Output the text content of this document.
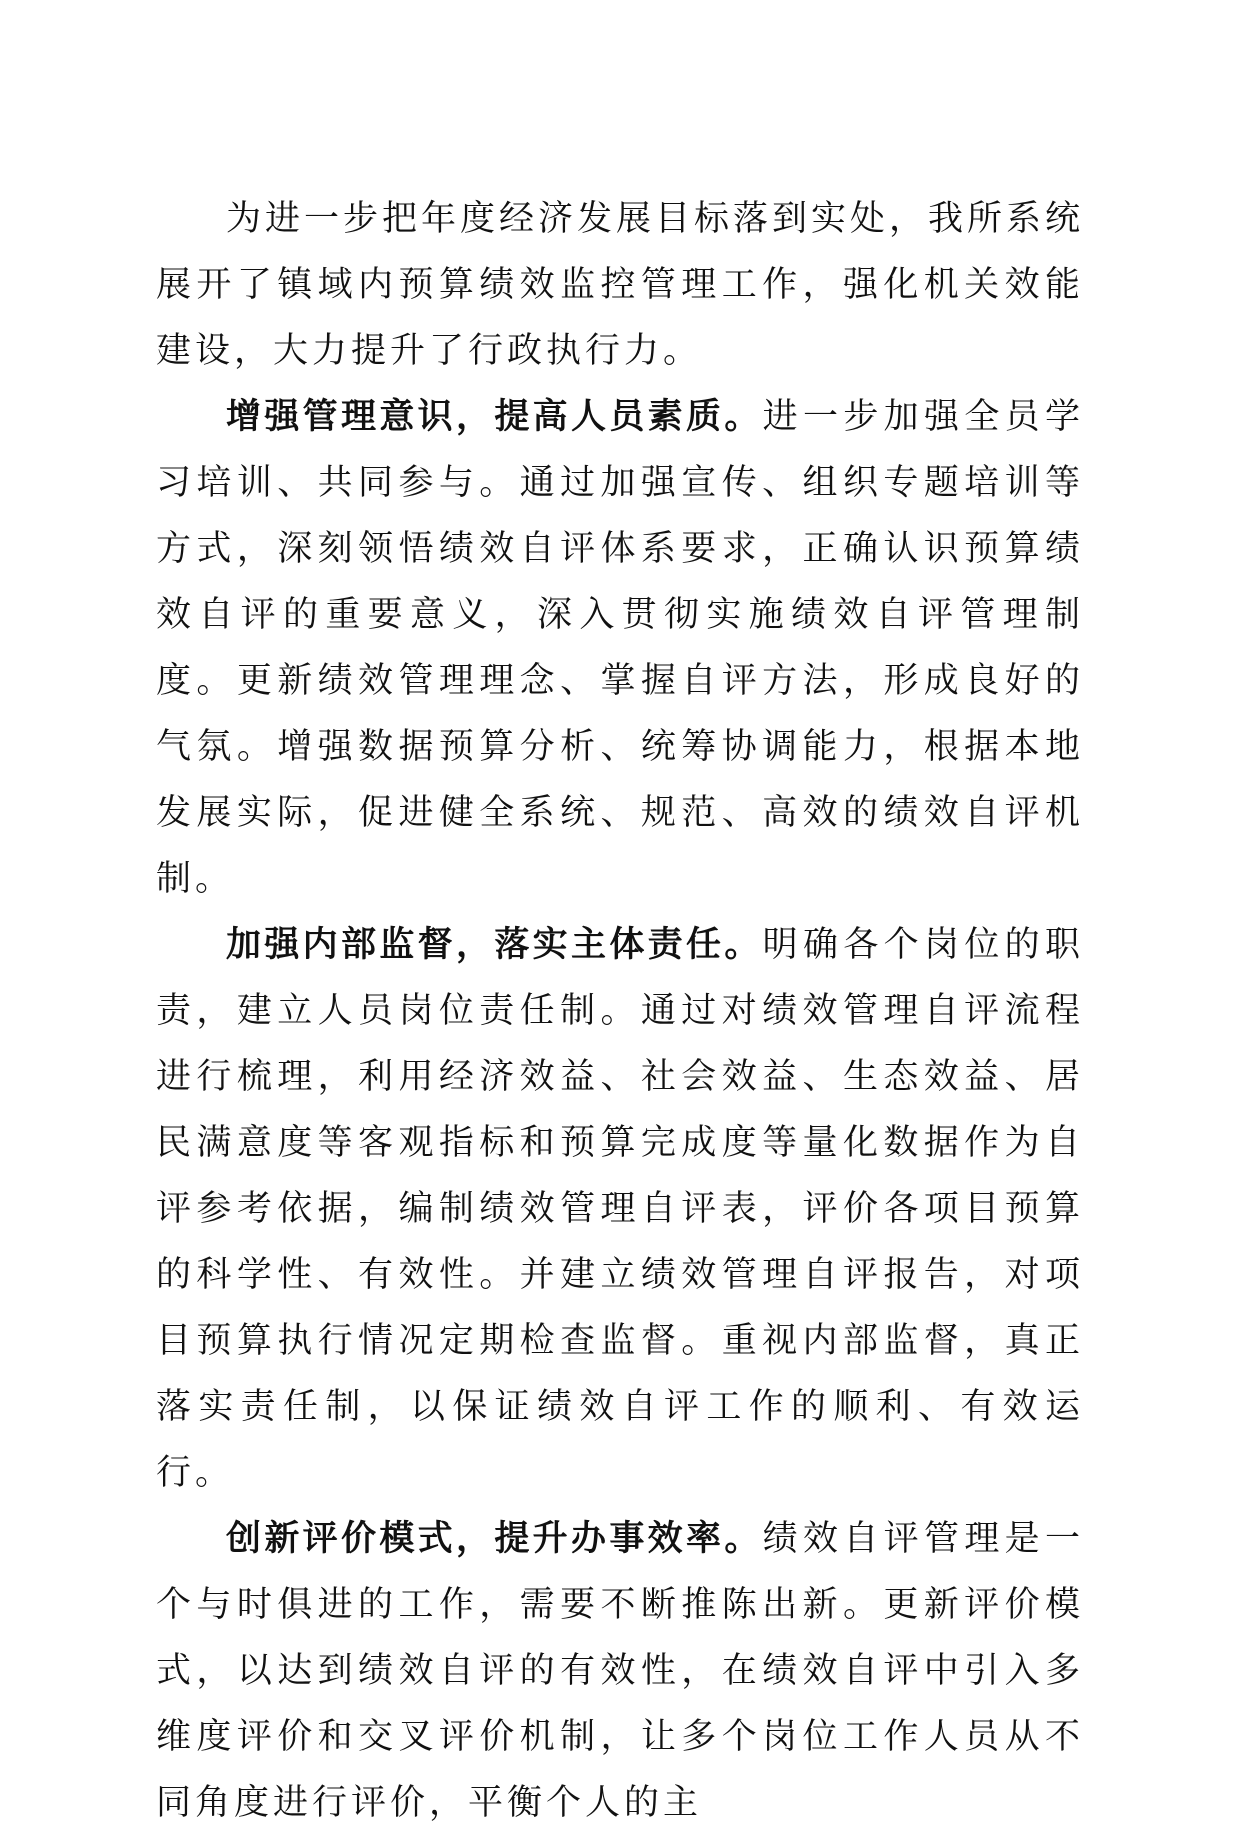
为进一步把年度经济发展目标落到实处，我所系统展开了镇域内预算绩效监控管理工作，强化机关效能建设，大力提升了行政执行力。

增强管理意识，提高人员素质。进一步加强全员学习培训、共同参与。通过加强宣传、组织专题培训等方式，深刻领悟绩效自评体系要求，正确认识预算绩效自评的重要意义，深入贯彻实施绩效自评管理制度。更新绩效管理理念、掌握自评方法，形成良好的气氛。增强数据预算分析、统筹协调能力，根据本地发展实际，促进健全系统、规范、高效的绩效自评机制。

加强内部监督，落实主体责任。明确各个岗位的职责，建立人员岗位责任制。通过对绩效管理自评流程进行梳理，利用经济效益、社会效益、生态效益、居民满意度等客观指标和预算完成度等量化数据作为自评参考依据，编制绩效管理自评表，评价各项目预算的科学性、有效性。并建立绩效管理自评报告，对项目预算执行情况定期检查监督。重视内部监督，真正落实责任制，以保证绩效自评工作的顺利、有效运行。

创新评价模式，提升办事效率。绩效自评管理是一个与时俱进的工作，需要不断推陈出新。更新评价模式，以达到绩效自评的有效性，在绩效自评中引入多维度评价和交叉评价机制，让多个岗位工作人员从不同角度进行评价，平衡个人的主
